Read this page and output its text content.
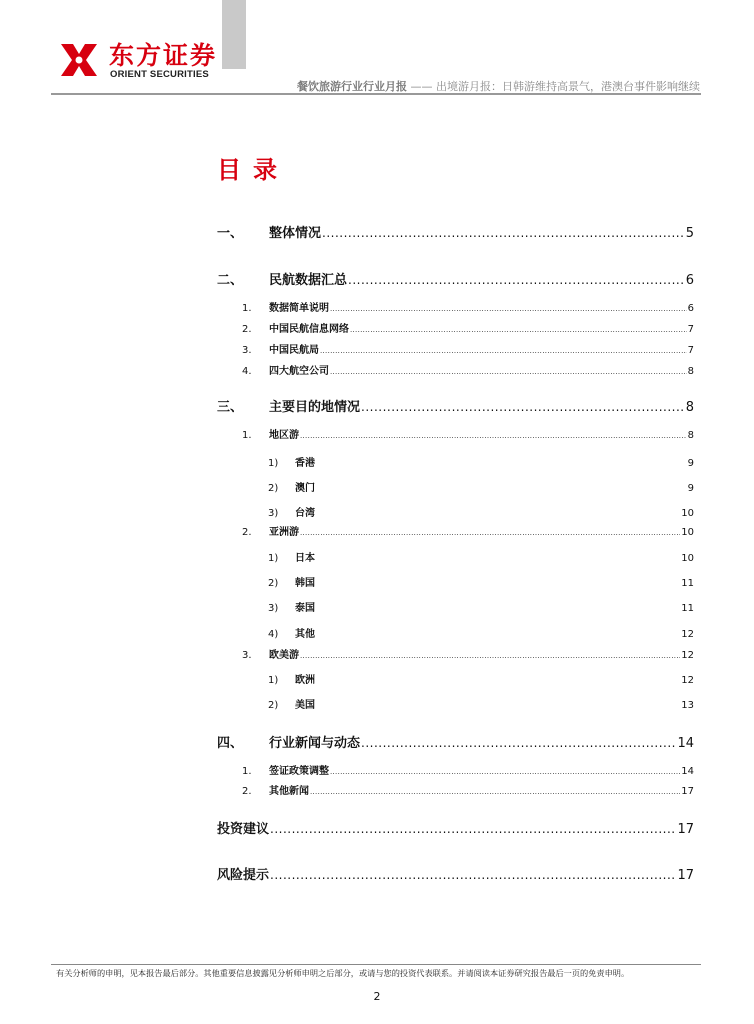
东方证券
ORIENT SECURITIES
餐饮旅游行业行业月报 —— 出境游月报：日韩游维持高景气，港澳台事件影响继续
目录
一、	整体情况 .....	5
二、	民航数据汇总 .....	6
1.	数据简单说明 .....	6
2.	中国民航信息网络 .....	7
3.	中国民航局 .....	7
4.	四大航空公司 .....	8
三、	主要目的地情况 .....	8
1.	地区游 .....	8
1)	香港	9
2)	澳门	9
3)	台湾	10
2.	亚洲游 .....	10
1)	日本	10
2)	韩国	11
3)	泰国	11
4)	其他	12
3.	欧美游 .....	12
1)	欧洲	12
2)	美国	13
四、	行业新闻与动态 .....	14
1.	签证政策调整 .....	14
2.	其他新闻 .....	17
投资建议 .....	17
风险提示 .....	17
有关分析师的申明，见本报告最后部分。其他重要信息披露见分析师申明之后部分，或请与您的投资代表联系。并请阅读本证券研究报告最后一页的免责申明。
2
